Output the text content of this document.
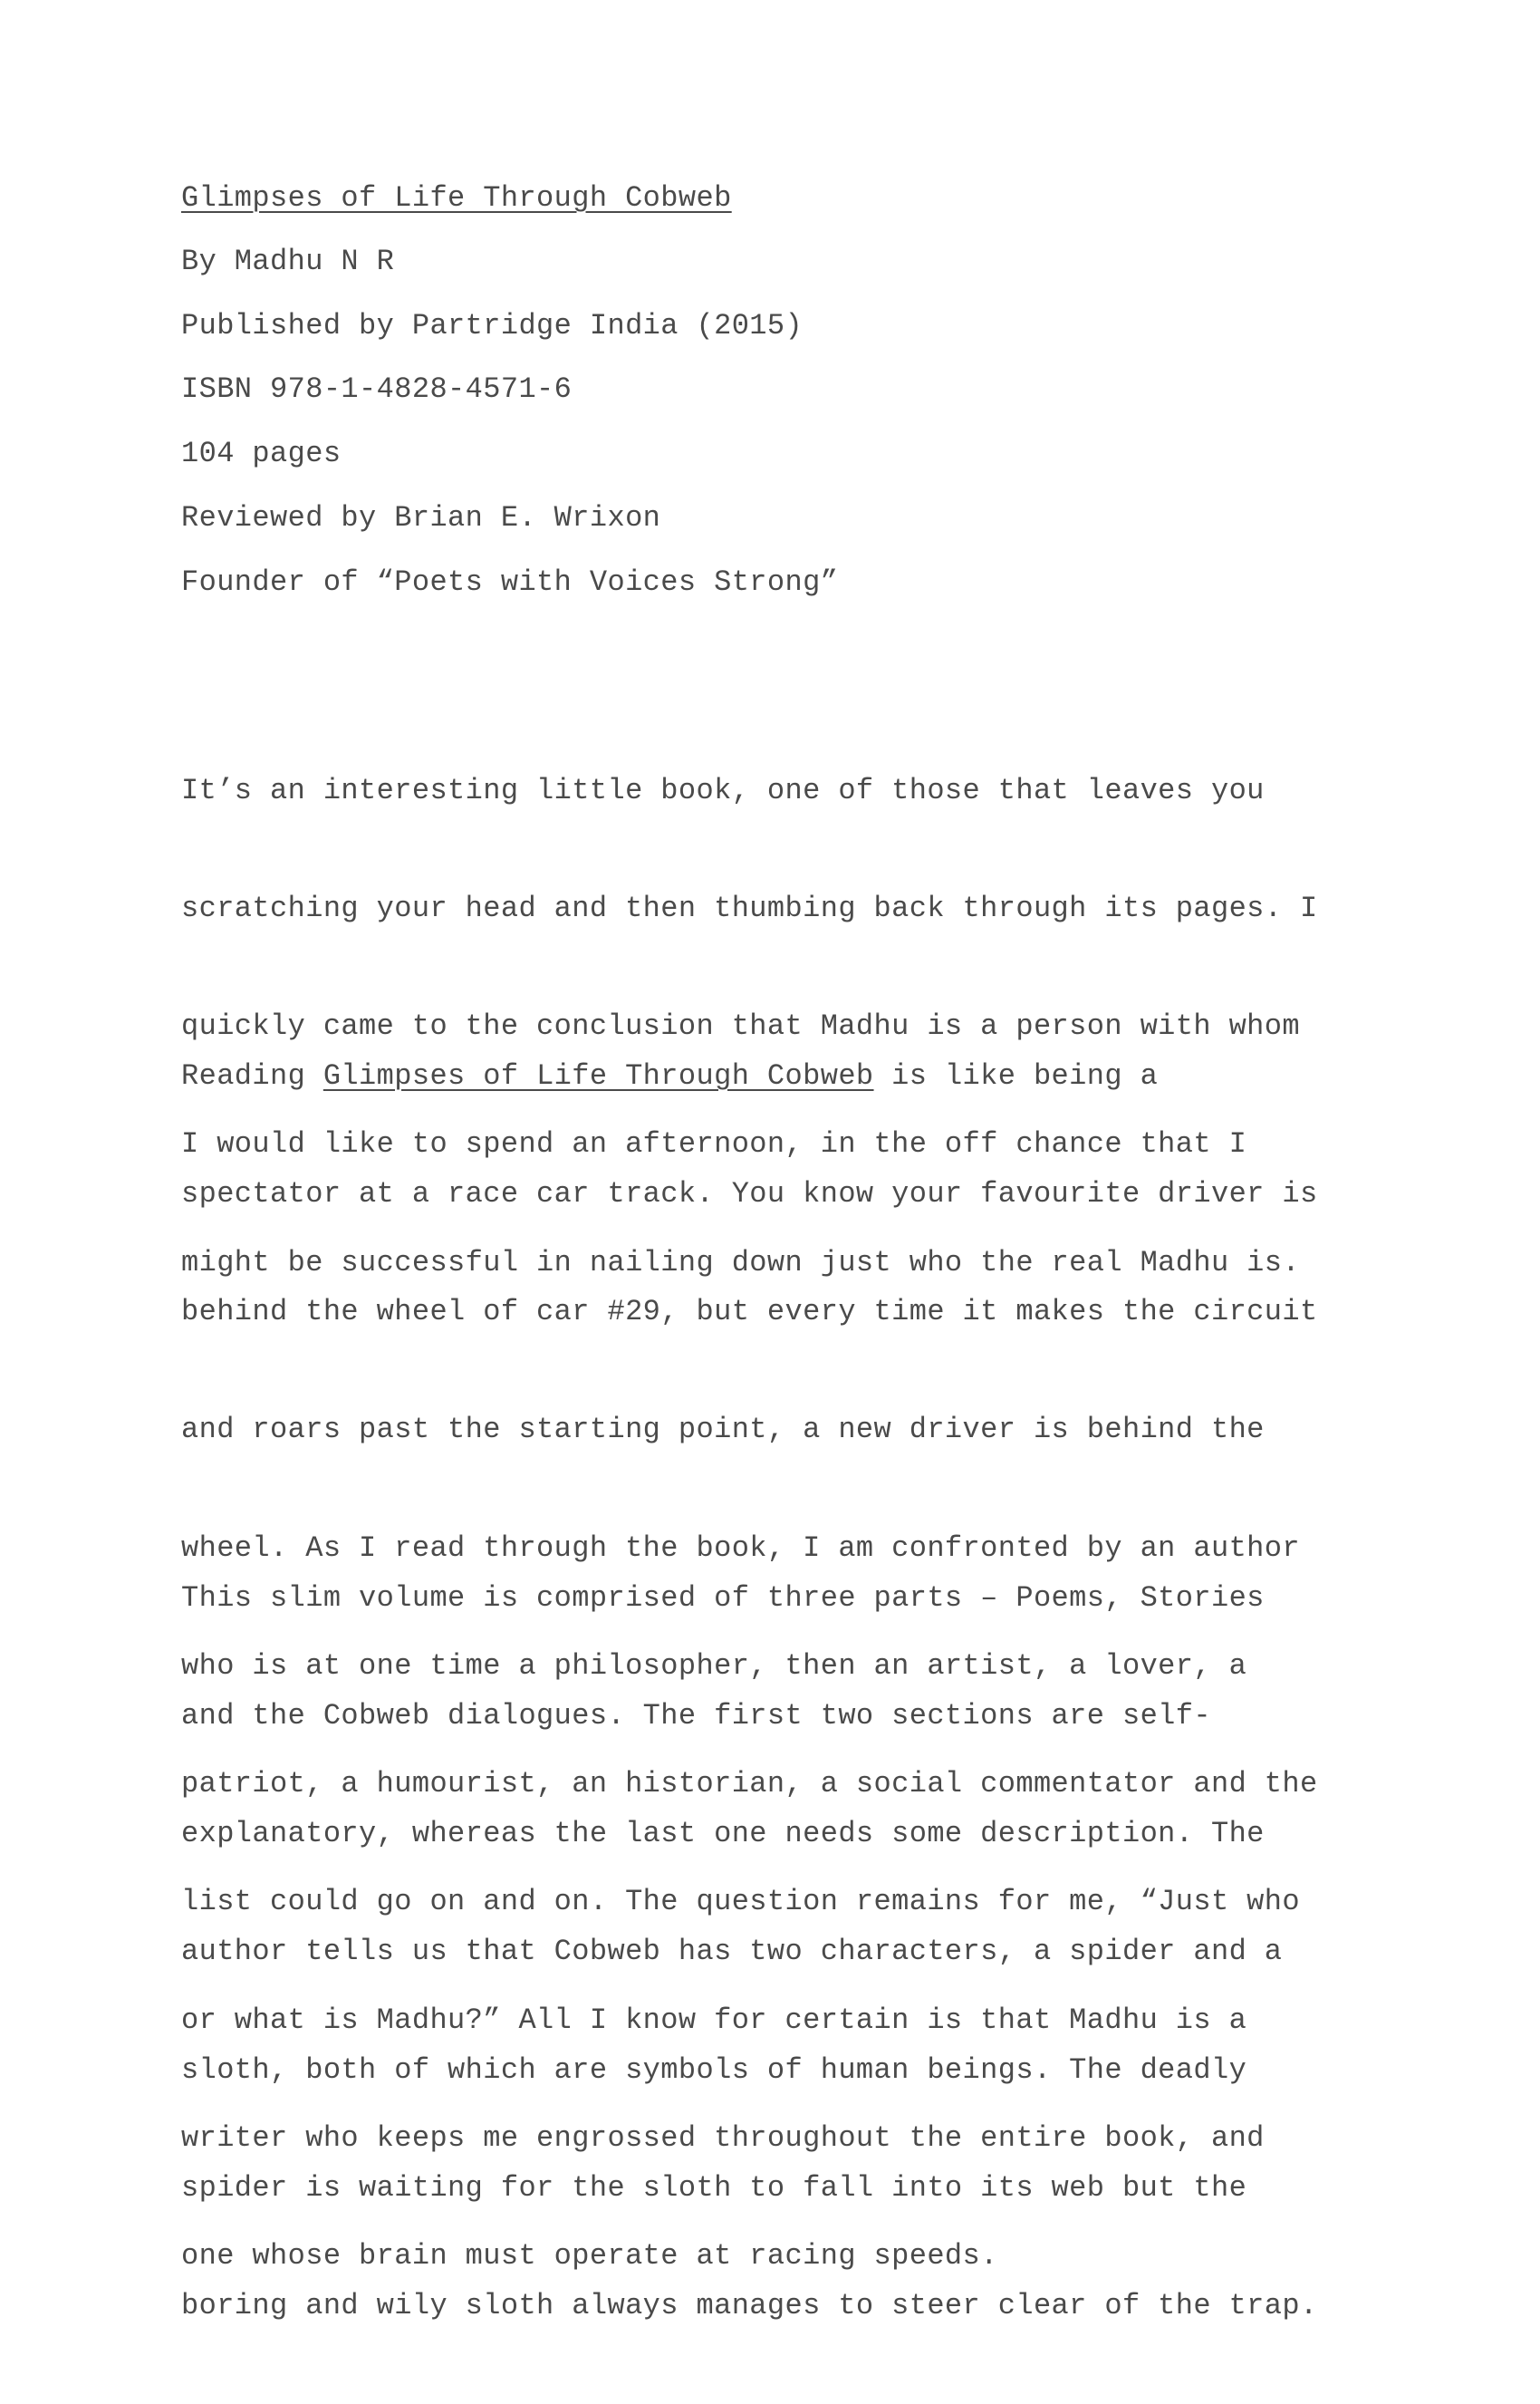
Glimpses of Life Through Cobweb

By Madhu N R

Published by Partridge India (2015)

ISBN 978-1-4828-4571-6

104 pages

Reviewed by Brian E. Wrixon

Founder of “Poets with Voices Strong”

It’s an interesting little book, one of those that leaves you

scratching your head and then thumbing back through its pages. I

quickly came to the conclusion that Madhu is a person with whom

I would like to spend an afternoon, in the off chance that I

might be successful in nailing down just who the real Madhu is.

Reading Glimpses of Life Through Cobweb is like being a

spectator at a race car track. You know your favourite driver is

behind the wheel of car #29, but every time it makes the circuit

and roars past the starting point, a new driver is behind the

wheel. As I read through the book, I am confronted by an author

who is at one time a philosopher, then an artist, a lover, a

patriot, a humourist, an historian, a social commentator and the

list could go on and on. The question remains for me, “Just who

or what is Madhu?” All I know for certain is that Madhu is a

writer who keeps me engrossed throughout the entire book, and

one whose brain must operate at racing speeds.

This slim volume is comprised of three parts – Poems, Stories

and the Cobweb dialogues. The first two sections are self-

explanatory, whereas the last one needs some description. The

author tells us that Cobweb has two characters, a spider and a

sloth, both of which are symbols of human beings. The deadly

spider is waiting for the sloth to fall into its web but the

boring and wily sloth always manages to steer clear of the trap.
